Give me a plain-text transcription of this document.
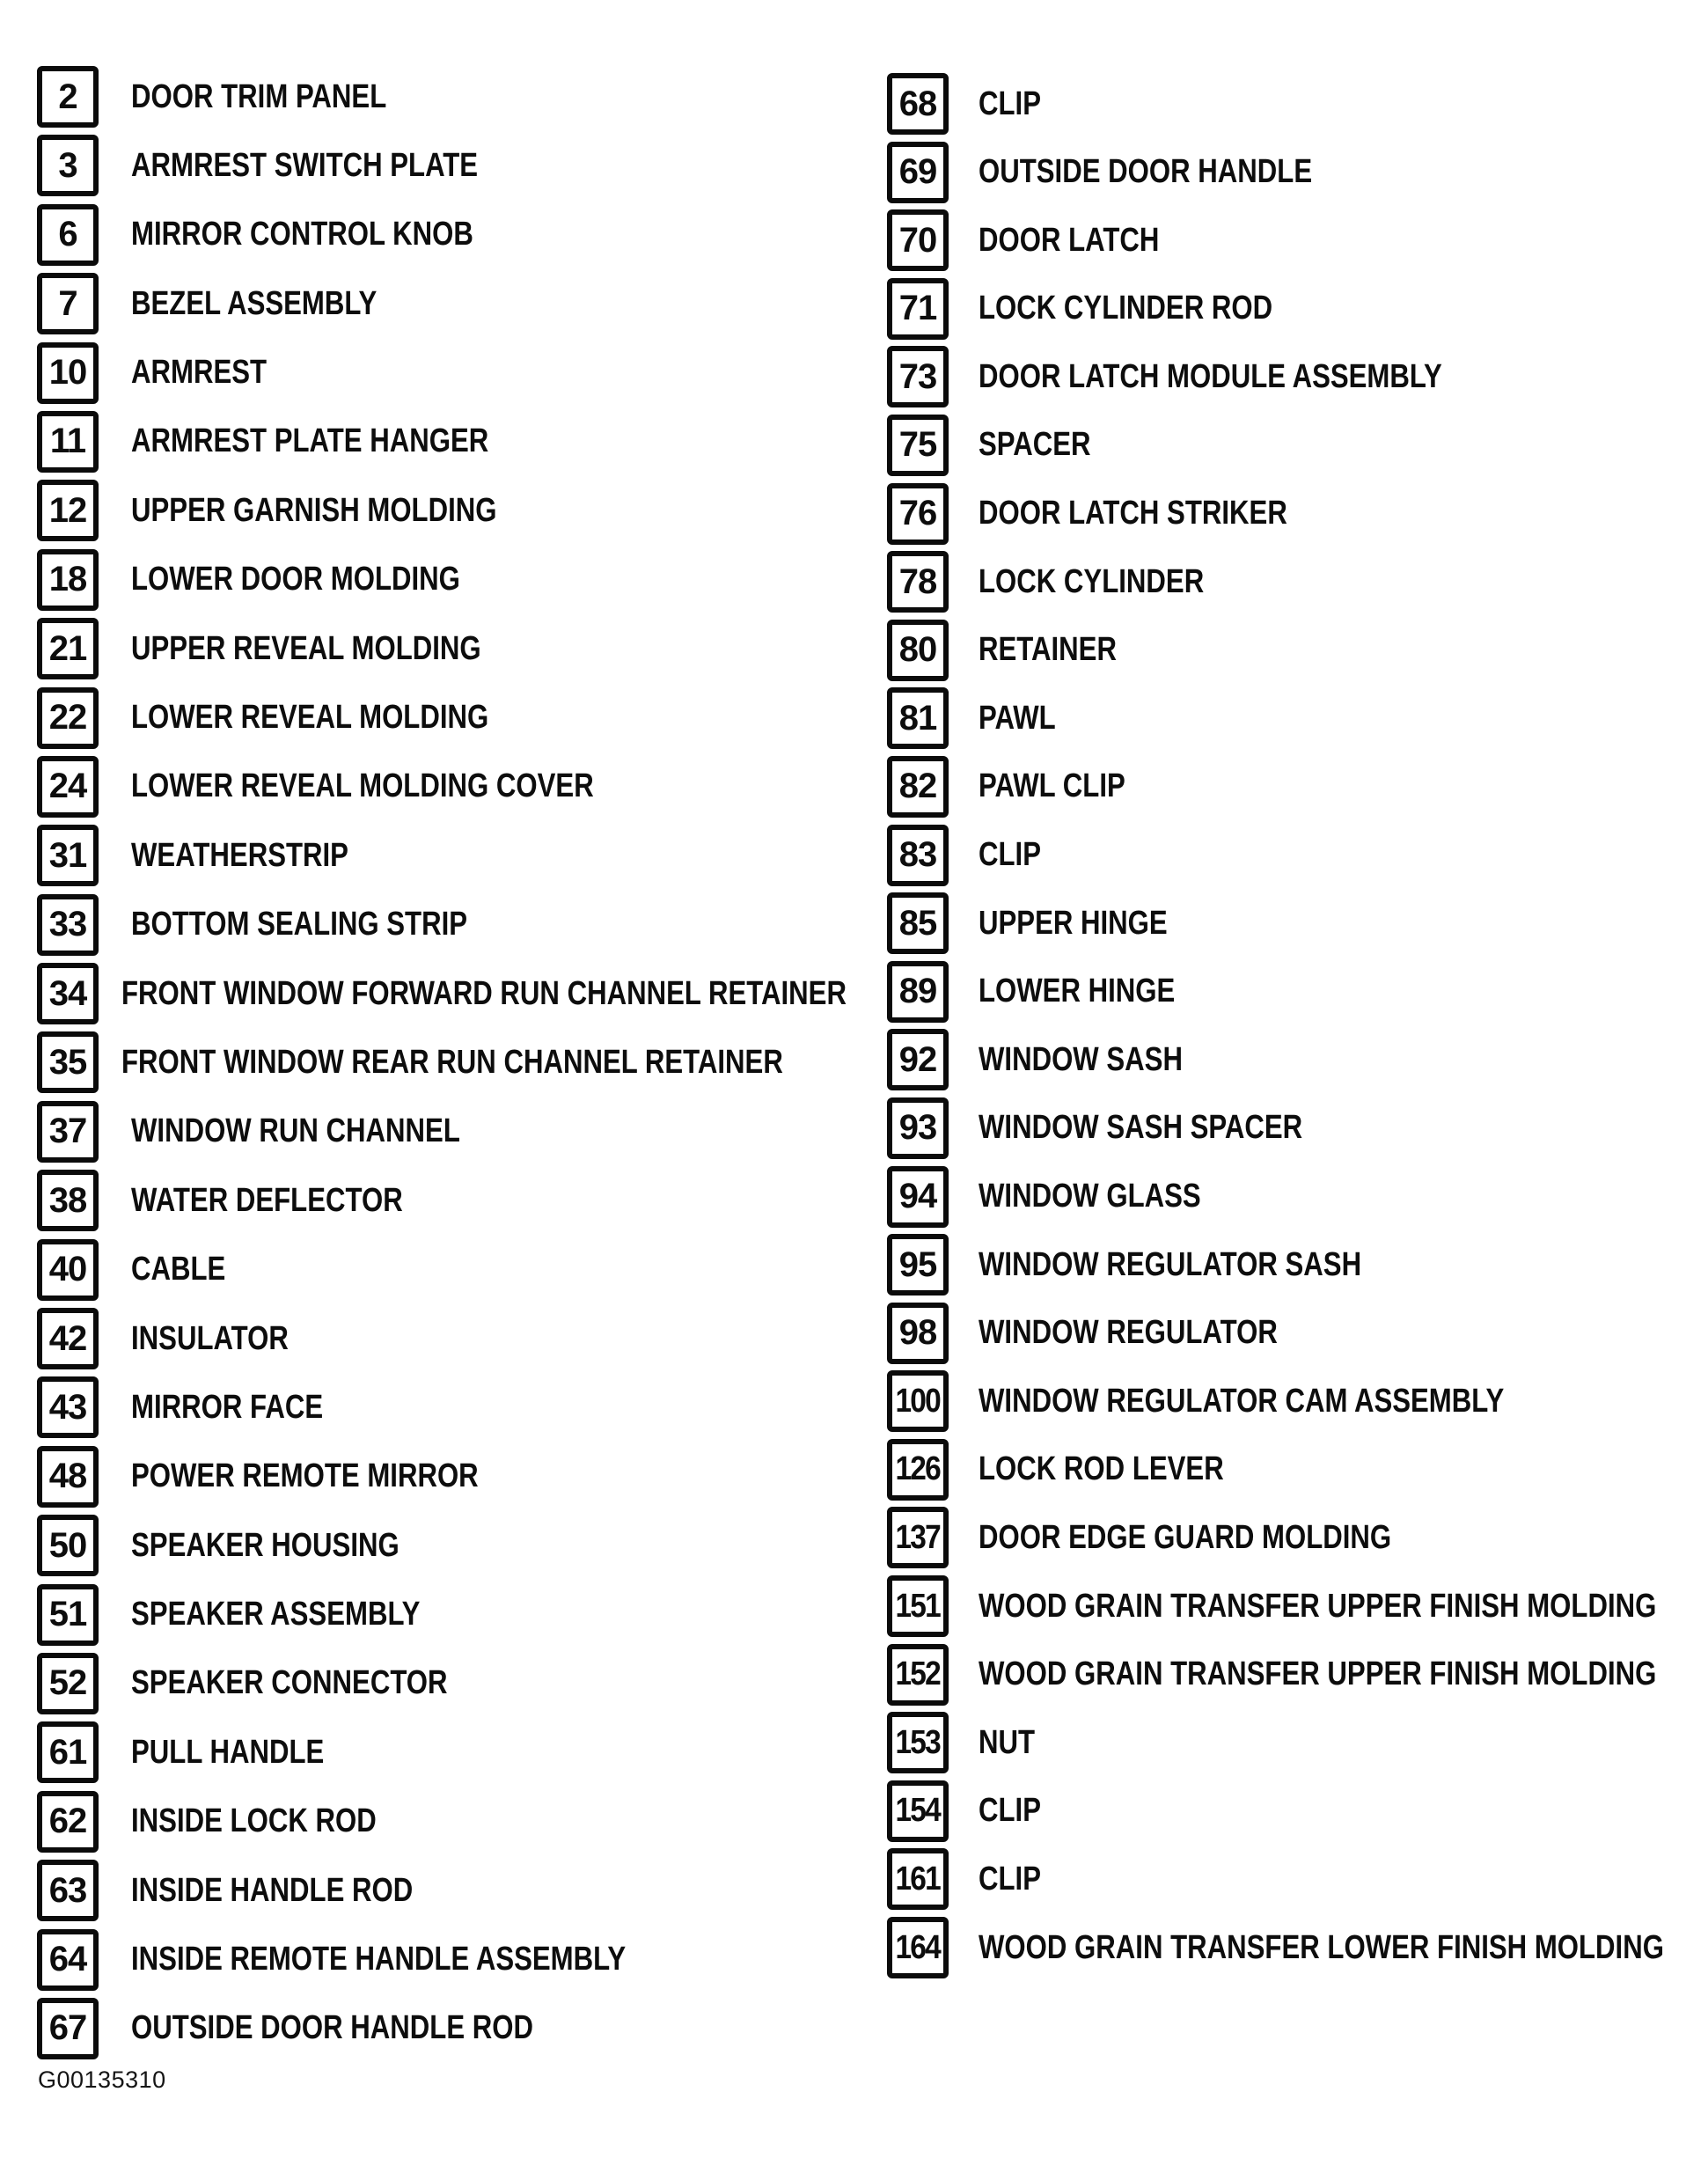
2 DOOR TRIM PANEL
3 ARMREST SWITCH PLATE
6 MIRROR CONTROL KNOB
7 BEZEL ASSEMBLY
10 ARMREST
11 ARMREST PLATE HANGER
12 UPPER GARNISH MOLDING
18 LOWER DOOR MOLDING
21 UPPER REVEAL MOLDING
22 LOWER REVEAL MOLDING
24 LOWER REVEAL MOLDING COVER
31 WEATHERSTRIP
33 BOTTOM SEALING STRIP
34 FRONT WINDOW FORWARD RUN CHANNEL RETAINER
35 FRONT WINDOW REAR RUN CHANNEL RETAINER
37 WINDOW RUN CHANNEL
38 WATER DEFLECTOR
40 CABLE
42 INSULATOR
43 MIRROR FACE
48 POWER REMOTE MIRROR
50 SPEAKER HOUSING
51 SPEAKER ASSEMBLY
52 SPEAKER CONNECTOR
61 PULL HANDLE
62 INSIDE LOCK ROD
63 INSIDE HANDLE ROD
64 INSIDE REMOTE HANDLE ASSEMBLY
67 OUTSIDE DOOR HANDLE ROD
68 CLIP
69 OUTSIDE DOOR HANDLE
70 DOOR LATCH
71 LOCK CYLINDER ROD
73 DOOR LATCH MODULE ASSEMBLY
75 SPACER
76 DOOR LATCH STRIKER
78 LOCK CYLINDER
80 RETAINER
81 PAWL
82 PAWL CLIP
83 CLIP
85 UPPER HINGE
89 LOWER HINGE
92 WINDOW SASH
93 WINDOW SASH SPACER
94 WINDOW GLASS
95 WINDOW REGULATOR SASH
98 WINDOW REGULATOR
100 WINDOW REGULATOR CAM ASSEMBLY
126 LOCK ROD LEVER
137 DOOR EDGE GUARD MOLDING
151 WOOD GRAIN TRANSFER UPPER FINISH MOLDING
152 WOOD GRAIN TRANSFER UPPER FINISH MOLDING
153 NUT
154 CLIP
161 CLIP
164 WOOD GRAIN TRANSFER LOWER FINISH MOLDING
G00135310
